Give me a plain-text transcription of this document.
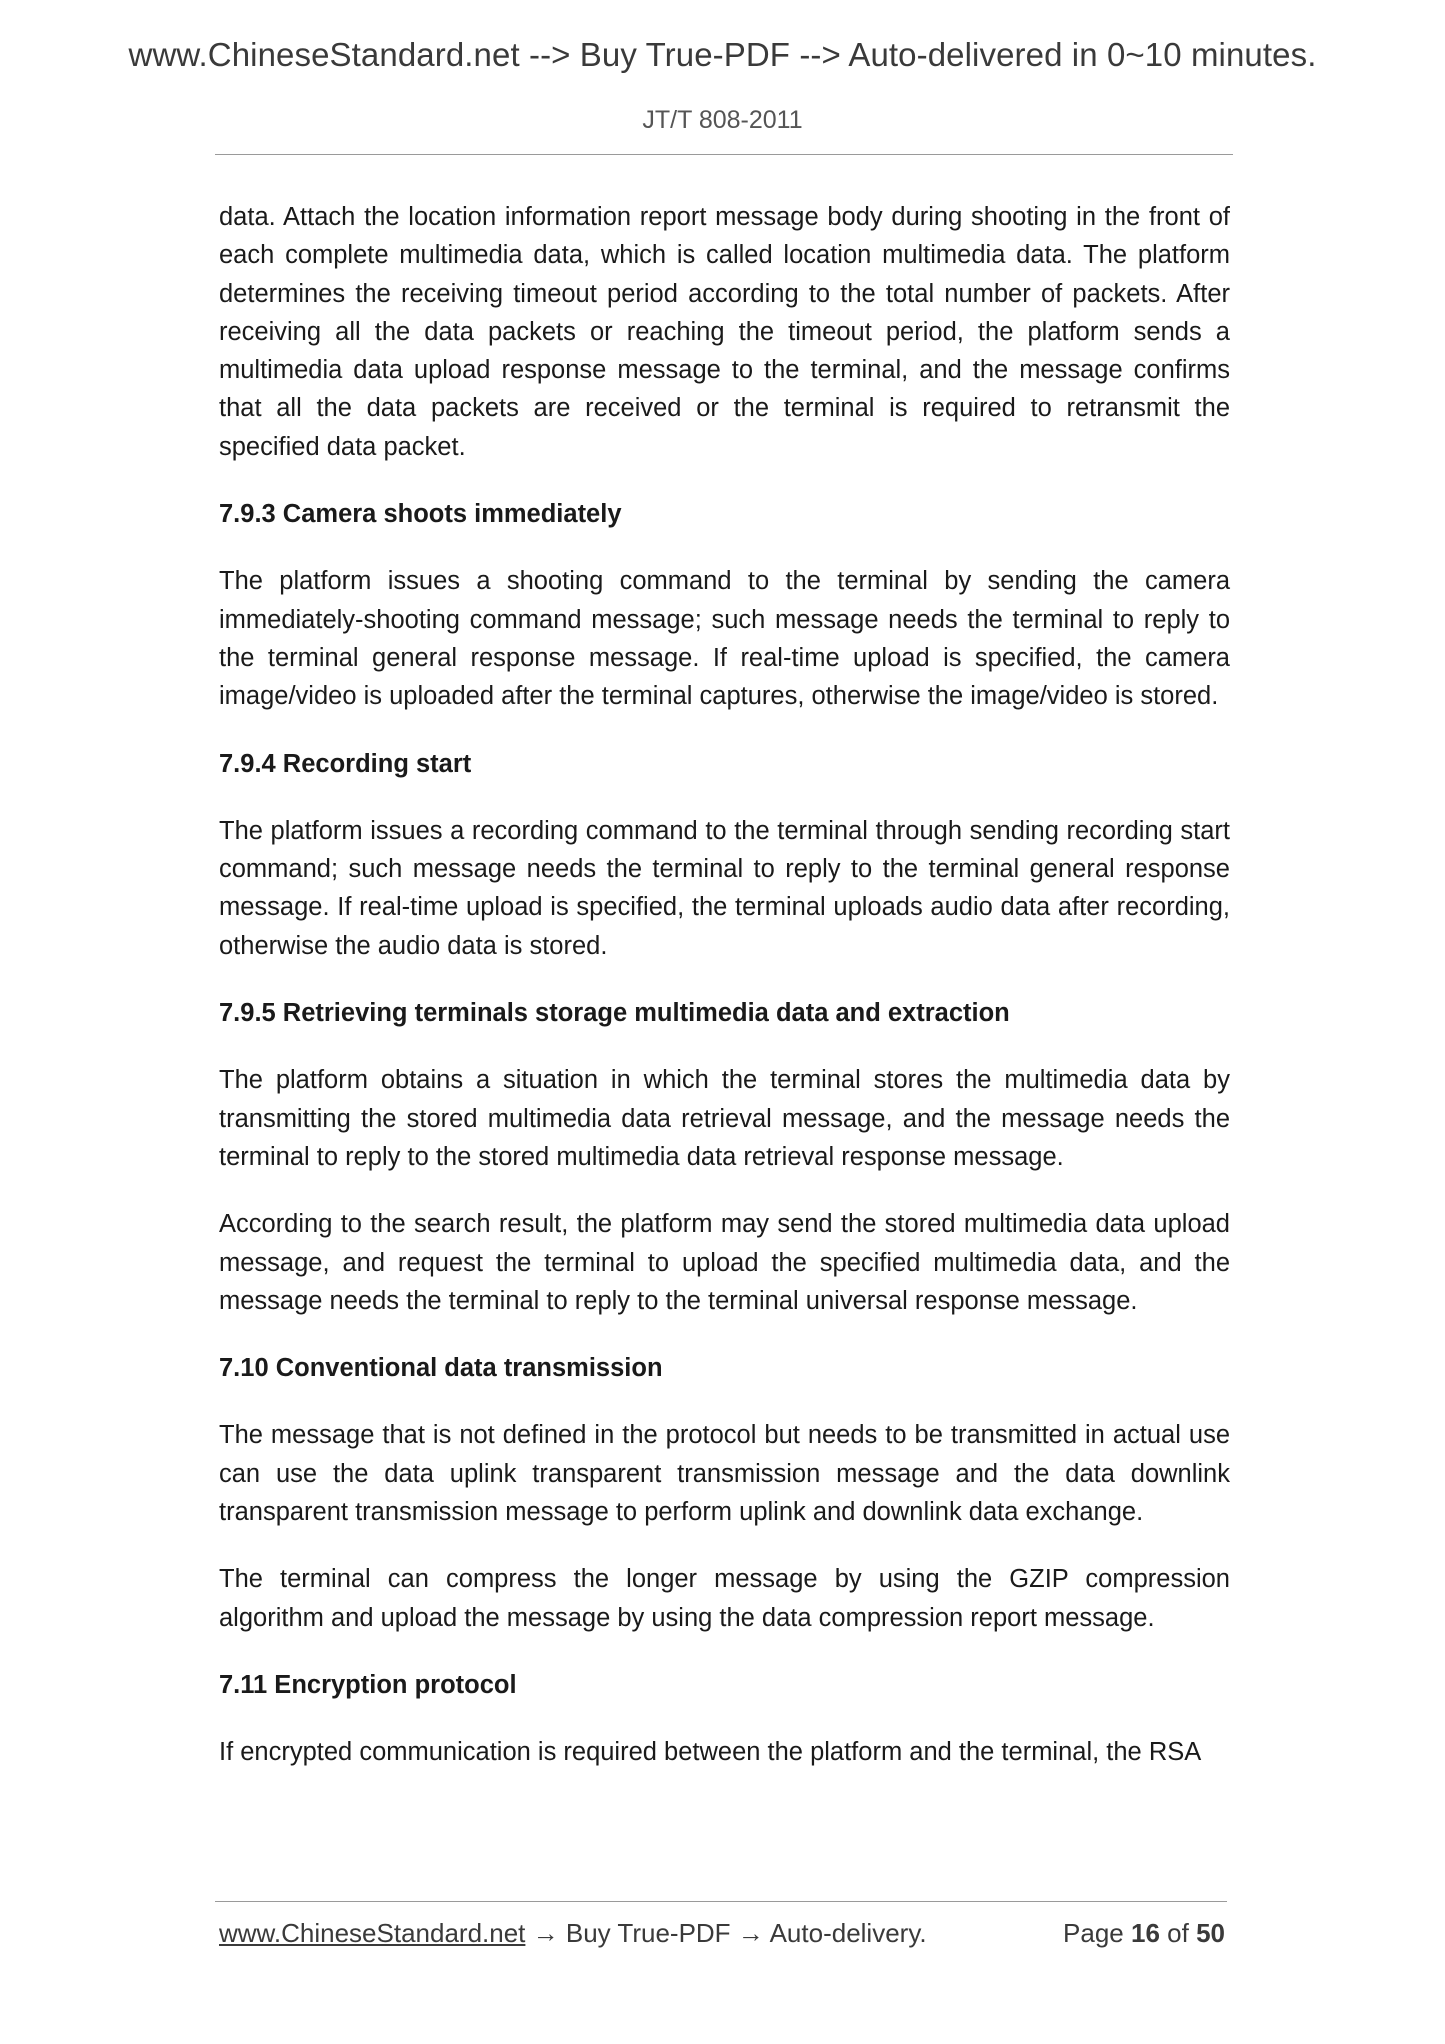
www.ChineseStandard.net --> Buy True-PDF --> Auto-delivered in 0~10 minutes.
JT/T 808-2011

data. Attach the location information report message body during shooting in the front of each complete multimedia data, which is called location multimedia data. The platform determines the receiving timeout period according to the total number of packets. After receiving all the data packets or reaching the timeout period, the platform sends a multimedia data upload response message to the terminal, and the message confirms that all the data packets are received or the terminal is required to retransmit the specified data packet.

7.9.3 Camera shoots immediately

The platform issues a shooting command to the terminal by sending the camera immediately-shooting command message; such message needs the terminal to reply to the terminal general response message. If real-time upload is specified, the camera image/video is uploaded after the terminal captures, otherwise the image/video is stored.

7.9.4 Recording start

The platform issues a recording command to the terminal through sending recording start command; such message needs the terminal to reply to the terminal general response message. If real-time upload is specified, the terminal uploads audio data after recording, otherwise the audio data is stored.

7.9.5 Retrieving terminals storage multimedia data and extraction

The platform obtains a situation in which the terminal stores the multimedia data by transmitting the stored multimedia data retrieval message, and the message needs the terminal to reply to the stored multimedia data retrieval response message.

According to the search result, the platform may send the stored multimedia data upload message, and request the terminal to upload the specified multimedia data, and the message needs the terminal to reply to the terminal universal response message.

7.10 Conventional data transmission

The message that is not defined in the protocol but needs to be transmitted in actual use can use the data uplink transparent transmission message and the data downlink transparent transmission message to perform uplink and downlink data exchange.

The terminal can compress the longer message by using the GZIP compression algorithm and upload the message by using the data compression report message.

7.11 Encryption protocol

If encrypted communication is required between the platform and the terminal, the RSA

www.ChineseStandard.net → Buy True-PDF → Auto-delivery.	Page 16 of 50
